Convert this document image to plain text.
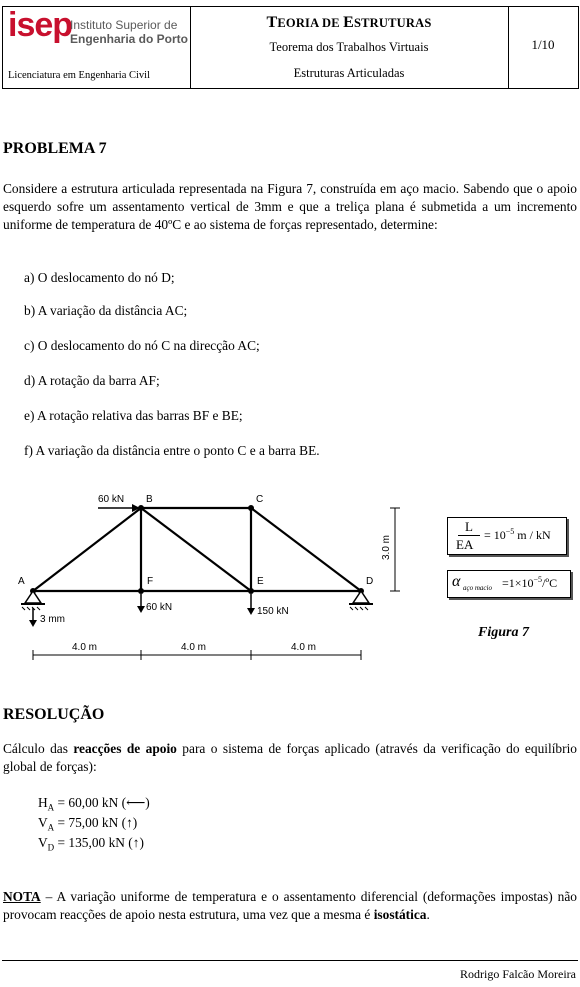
isep
Instituto Superior de
Engenharia do Porto
Licenciatura em Engenharia Civil
TEORIA DE ESTRUTURAS
Teorema dos Trabalhos Virtuais
Estruturas Articuladas
1/10
PROBLEMA 7
Considere a estrutura articulada representada na Figura 7, construída em aço macio. Sabendo que o apoio esquerdo sofre um assentamento vertical de 3mm e que a treliça plana é submetida a um incremento uniforme de temperatura de 40ºC e ao sistema de forças representado, determine:
a) O deslocamento do nó D;
b) A variação da distância AC;
c) O deslocamento do nó C na direcção AC;
d) A rotação da barra AF;
e) A rotação relativa das barras BF e BE;
f) A variação da distância entre o ponto C e a barra BE.
3 mm
60 kN
60 kN	150 kN
A
B	C
D
F	E
3.0 m
4.0 m	4.0 m	4.0 m
L
EA
= $10^{-5}$ m / kN
α aço macio $=1\times 10^{-5}/ºC$
Figura 7
RESOLUÇÃO
Cálculo das reacções de apoio para o sistema de forças aplicado (através da verificação do equilíbrio global de forças):
$H_A = 60,00$ kN (⟵)
$V_A = 75,00$ kN (↑)
$V_D = 135,00$ kN (↑)
NOTA – A variação uniforme de temperatura e o assentamento diferencial (deformações impostas) não provocam reacções de apoio nesta estrutura, uma vez que a mesma é isostática.
Rodrigo Falcão Moreira
